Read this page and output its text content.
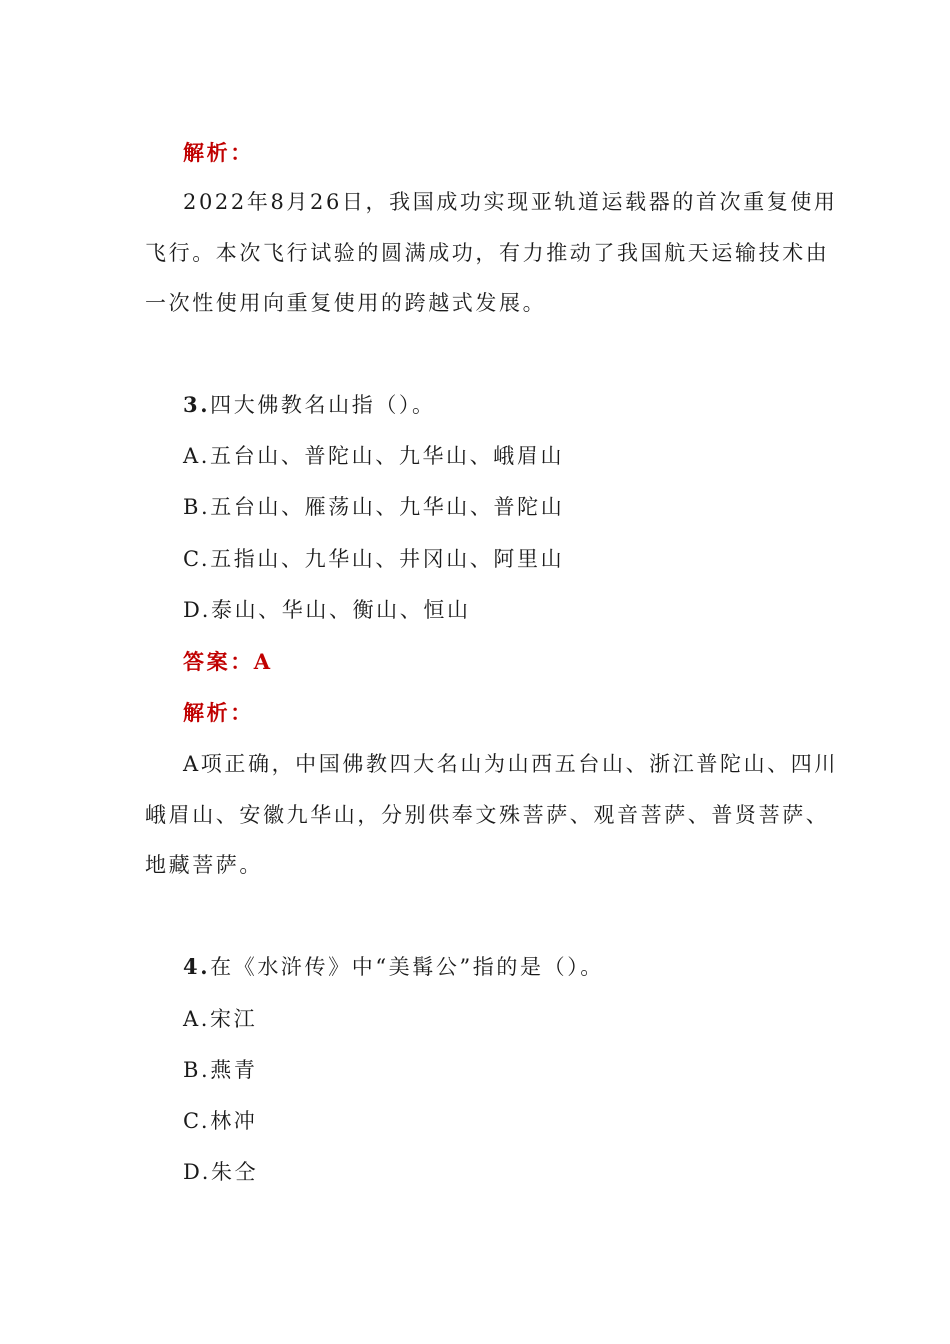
解析：
2022年8月26日，我国成功实现亚轨道运载器的首次重复使用
飞行。本次飞行试验的圆满成功，有力推动了我国航天运输技术由
一次性使用向重复使用的跨越式发展。
3.四大佛教名山指（）。
A.五台山、普陀山、九华山、峨眉山
B.五台山、雁荡山、九华山、普陀山
C.五指山、九华山、井冈山、阿里山
D.泰山、华山、衡山、恒山
答案：A
解析：
A项正确，中国佛教四大名山为山西五台山、浙江普陀山、四川
峨眉山、安徽九华山，分别供奉文殊菩萨、观音菩萨、普贤菩萨、
地藏菩萨。
4.在《水浒传》中“美髯公”指的是（）。
A.宋江
B.燕青
C.林冲
D.朱仝
